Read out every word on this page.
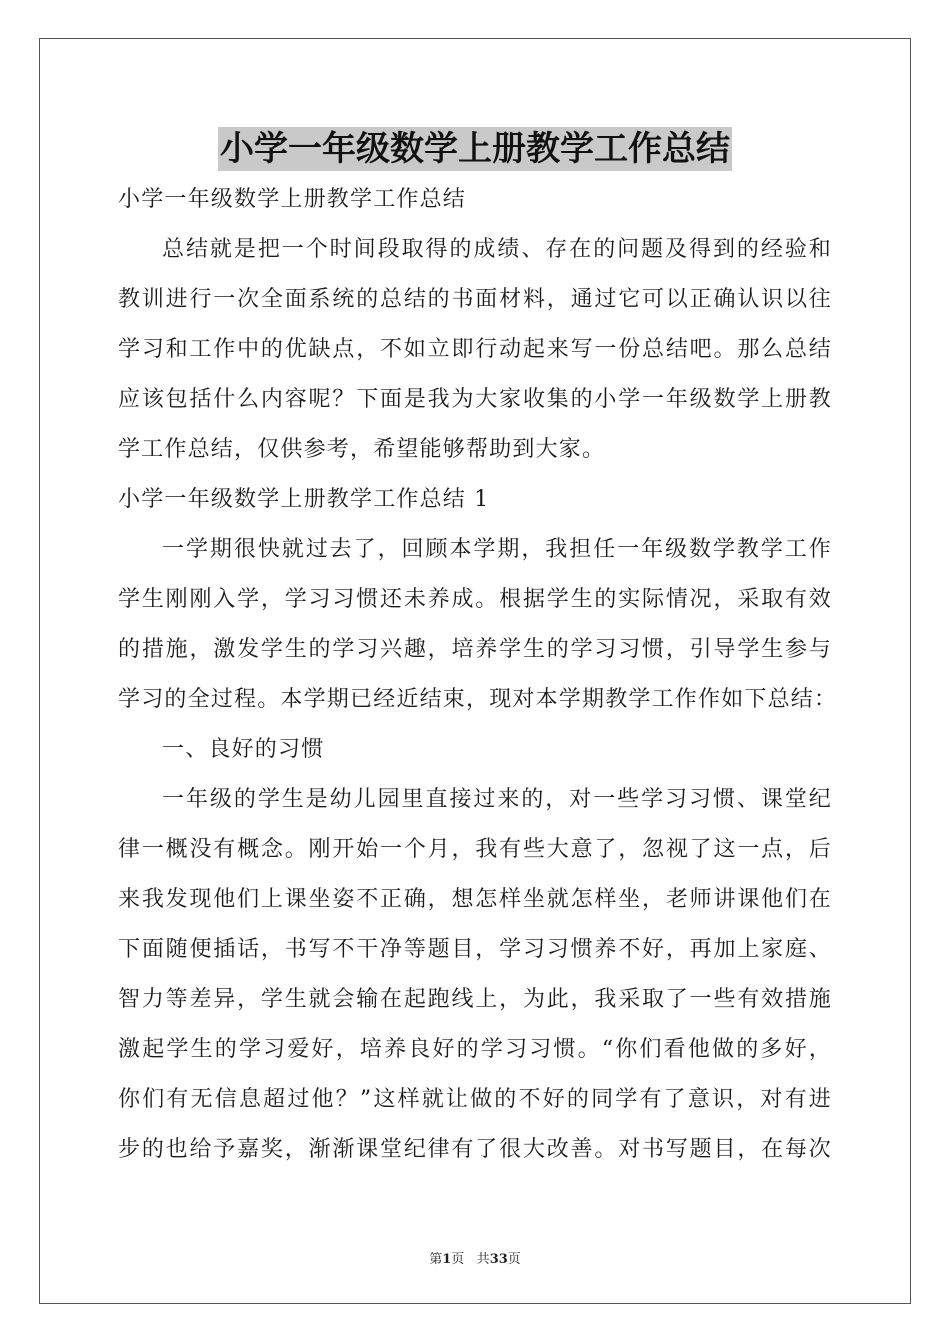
小学一年级数学上册教学工作总结
小学一年级数学上册教学工作总结
总结就是把一个时间段取得的成绩、存在的问题及得到的经验和
教训进行一次全面系统的总结的书面材料，通过它可以正确认识以往
学习和工作中的优缺点，不如立即行动起来写一份总结吧。那么总结
应该包括什么内容呢？下面是我为大家收集的小学一年级数学上册教
学工作总结，仅供参考，希望能够帮助到大家。
小学一年级数学上册教学工作总结 1
一学期很快就过去了，回顾本学期，我担任一年级数学教学工作
学生刚刚入学，学习习惯还未养成。根据学生的实际情况，采取有效
的措施，激发学生的学习兴趣，培养学生的学习习惯，引导学生参与
学习的全过程。本学期已经近结束，现对本学期教学工作作如下总结：
一、良好的习惯
一年级的学生是幼儿园里直接过来的，对一些学习习惯、课堂纪
律一概没有概念。刚开始一个月，我有些大意了，忽视了这一点，后
来我发现他们上课坐姿不正确，想怎样坐就怎样坐，老师讲课他们在
下面随便插话，书写不干净等题目，学习习惯养不好，再加上家庭、
智力等差异，学生就会输在起跑线上，为此，我采取了一些有效措施
激起学生的学习爱好，培养良好的学习习惯。“你们看他做的多好，
你们有无信息超过他？”这样就让做的不好的同学有了意识，对有进
步的也给予嘉奖，渐渐课堂纪律有了很大改善。对书写题目，在每次
第1页 共33页
